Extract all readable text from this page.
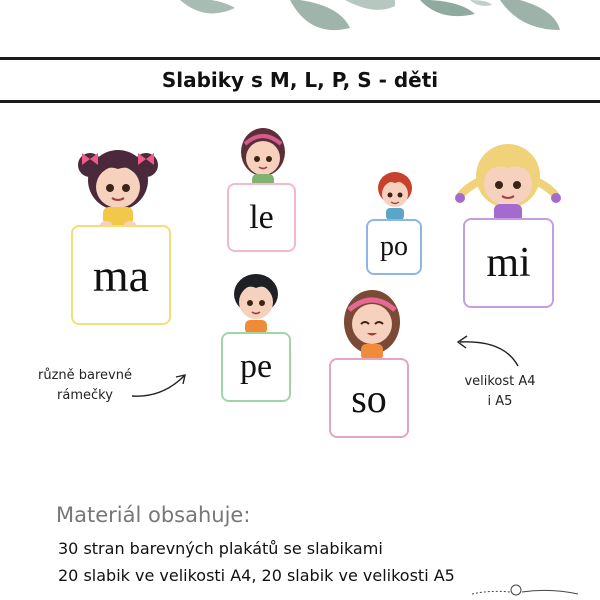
Slabiky s M, L, P, S - děti
ma
le
po mi
pe
so
různě barevné
rámečky
velikost A4
i A5
Materiál obsahuje:
30 stran barevných plakátů se slabikami
20 slabik ve velikosti A4, 20 slabik ve velikosti A5
